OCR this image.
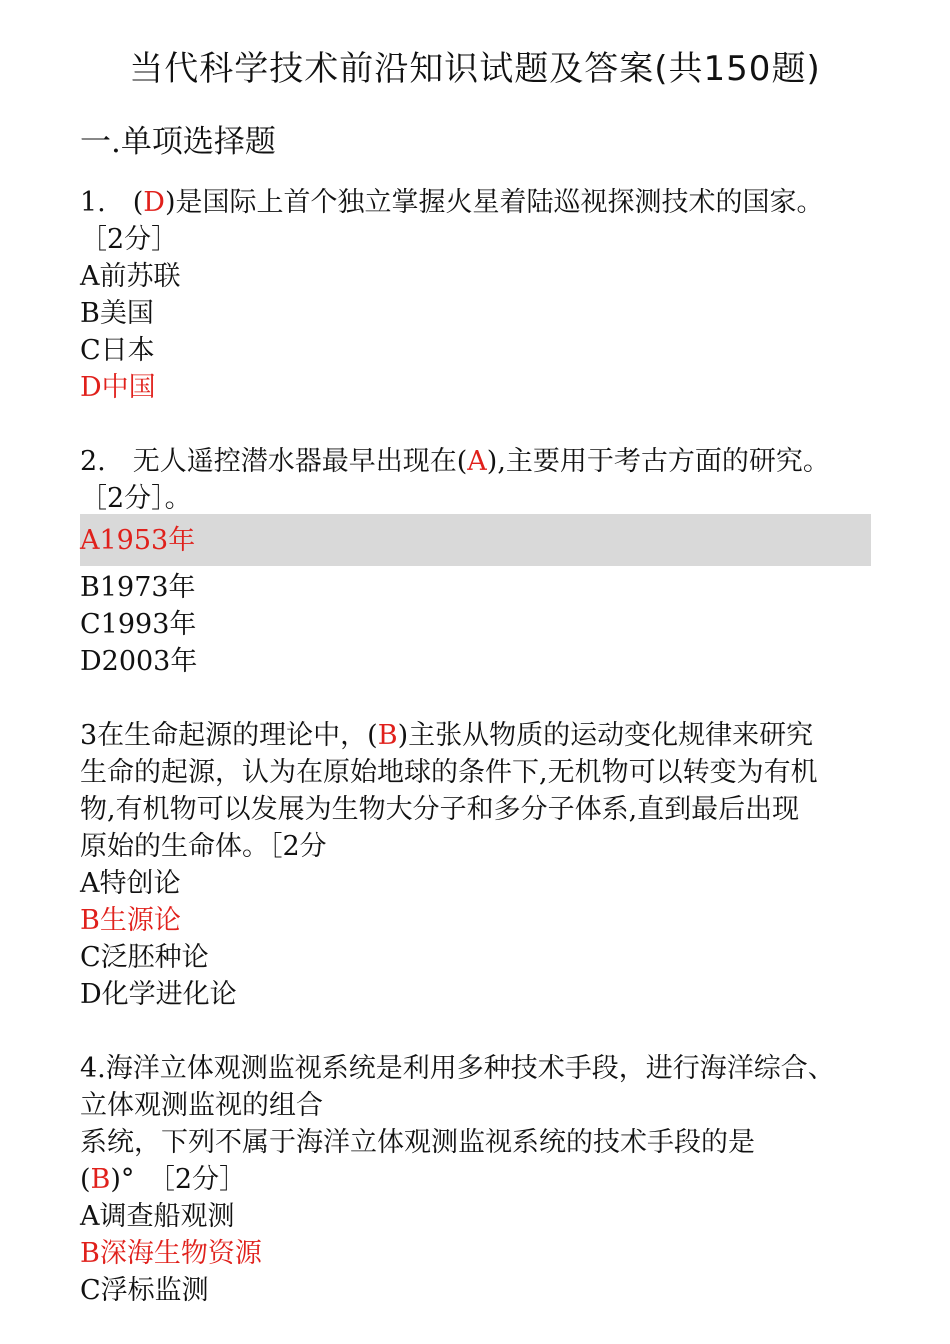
当代科学技术前沿知识试题及答案(共150题)
一.单项选择题
1.　(D)是国际上首个独立掌握火星着陆巡视探测技术的国家。
［2分］
A前苏联
B美国
C日本
D中国
2.　无人遥控潜水器最早出现在(A),主要用于考古方面的研究。
［2分］。
A1953年
B1973年
C1993年
D2003年
3在生命起源的理论中，(B)主张从物质的运动变化规律来研究
生命的起源，认为在原始地球的条件下,无机物可以转变为有机
物,有机物可以发展为生物大分子和多分子体系,直到最后出现
原始的生命体。［2分
A特创论
B生源论
C泛胚种论
D化学进化论
4.海洋立体观测监视系统是利用多种技术手段，进行海洋综合、
立体观测监视的组合
系统，下列不属于海洋立体观测监视系统的技术手段的是
(B)°　［2分］
A调查船观测
B深海生物资源
C浮标监测
